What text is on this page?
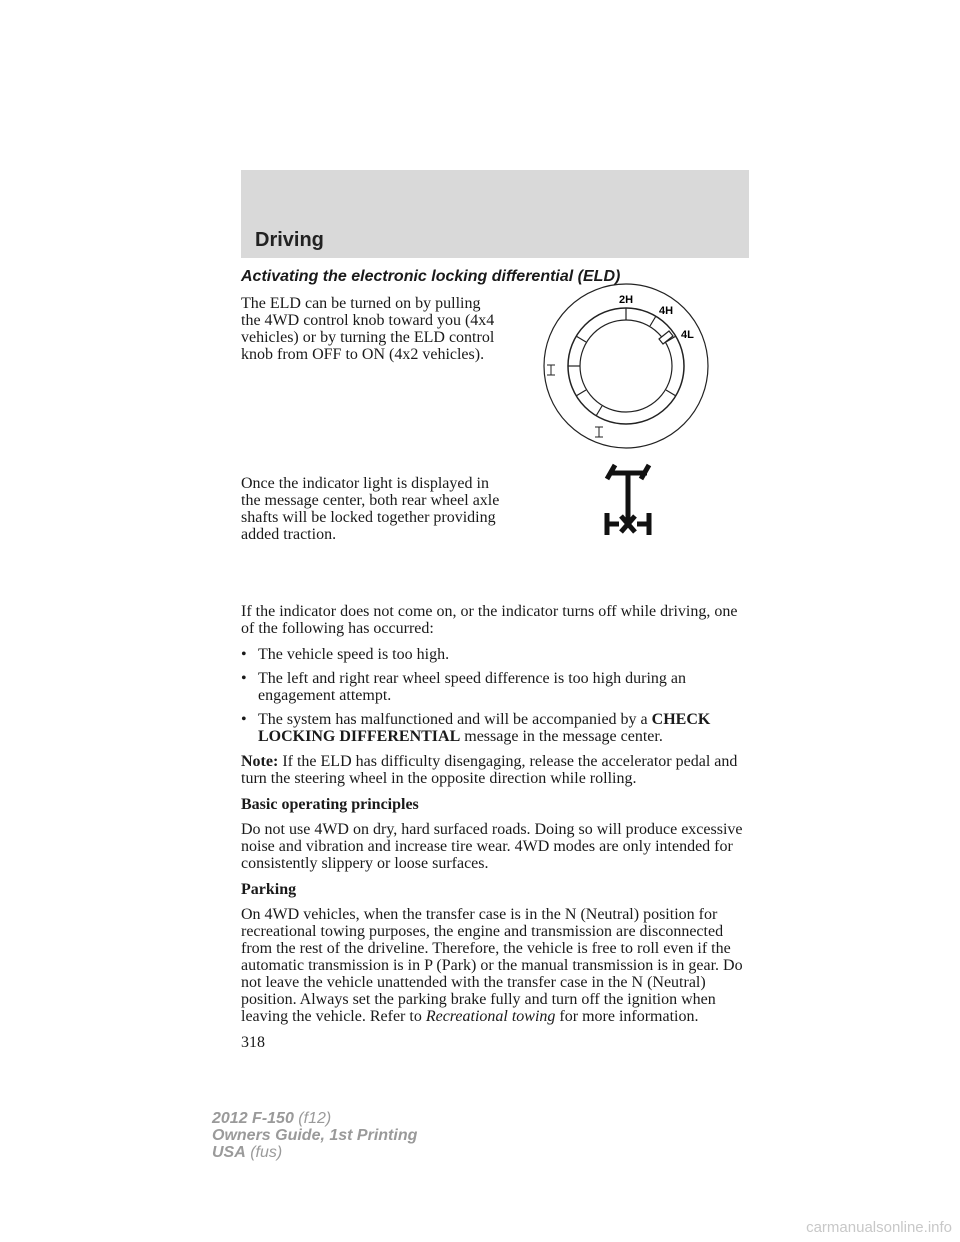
Driving
Activating the electronic locking differential (ELD)

The ELD can be turned on by pulling the 4WD control knob toward you (4x4 vehicles) or by turning the ELD control knob from OFF to ON (4x2 vehicles).

2H
4H
4L

Once the indicator light is displayed in the message center, both rear wheel axle shafts will be locked together providing added traction.

If the indicator does not come on, or the indicator turns off while driving, one of the following has occurred:

• The vehicle speed is too high.
• The left and right rear wheel speed difference is too high during an engagement attempt.
• The system has malfunctioned and will be accompanied by a CHECK LOCKING DIFFERENTIAL message in the message center.

Note: If the ELD has difficulty disengaging, release the accelerator pedal and turn the steering wheel in the opposite direction while rolling.

Basic operating principles

Do not use 4WD on dry, hard surfaced roads. Doing so will produce excessive noise and vibration and increase tire wear. 4WD modes are only intended for consistently slippery or loose surfaces.

Parking

On 4WD vehicles, when the transfer case is in the N (Neutral) position for recreational towing purposes, the engine and transmission are disconnected from the rest of the driveline. Therefore, the vehicle is free to roll even if the automatic transmission is in P (Park) or the manual transmission is in gear. Do not leave the vehicle unattended with the transfer case in the N (Neutral) position. Always set the parking brake fully and turn off the ignition when leaving the vehicle. Refer to Recreational towing for more information.

318
2012 F-150 (f12)
Owners Guide, 1st Printing
USA (fus)
carmanualsonline.info
